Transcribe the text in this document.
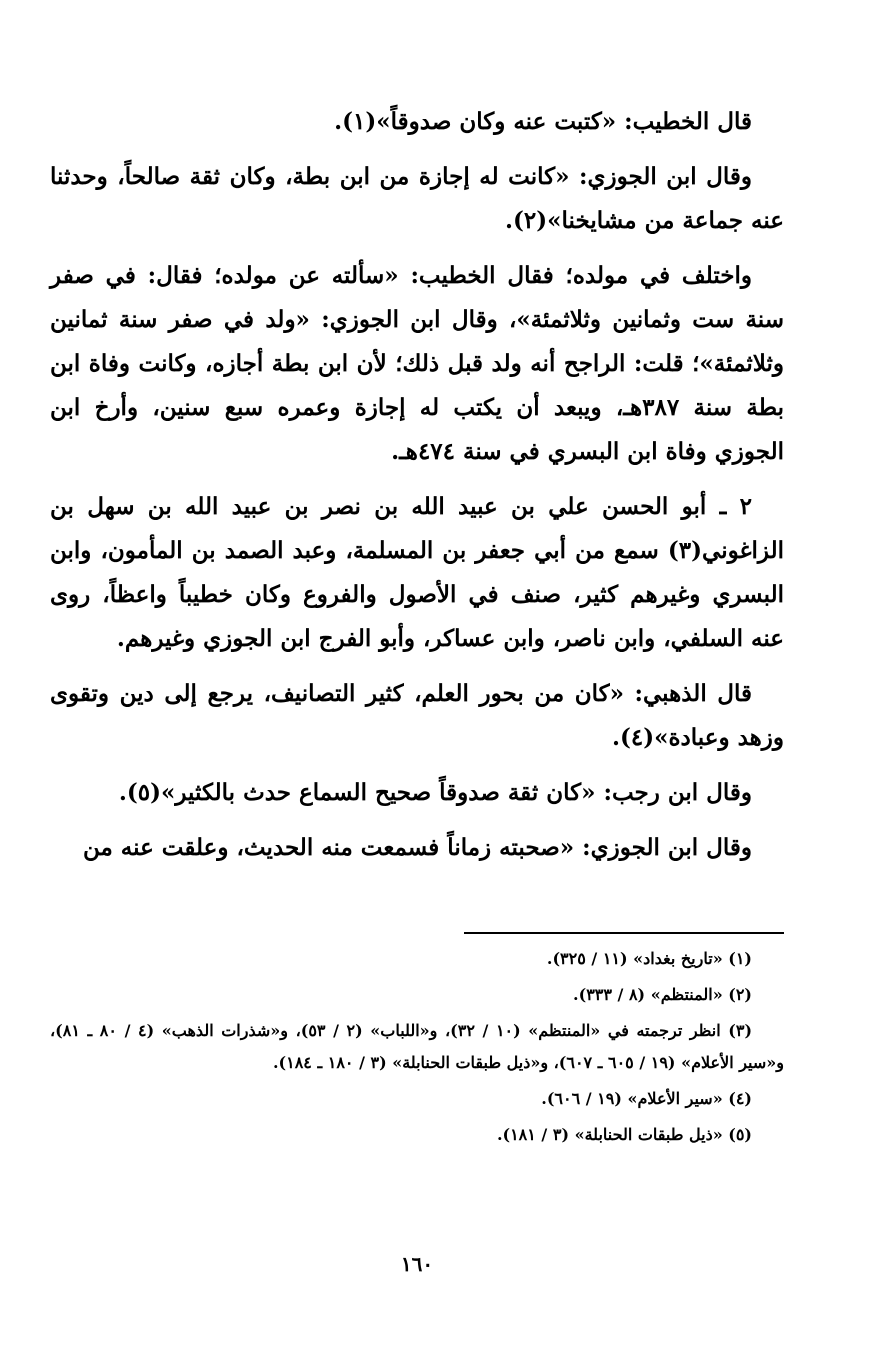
قال الخطيب: «كتبت عنه وكان صدوقاً»(١).

وقال ابن الجوزي: «كانت له إجازة من ابن بطة، وكان ثقة صالحاً، وحدثنا عنه جماعة من مشايخنا»(٢).

واختلف في مولده؛ فقال الخطيب: «سألته عن مولده؛ فقال: في صفر سنة ست وثمانين وثلاثمئة»، وقال ابن الجوزي: «ولد في صفر سنة ثمانين وثلاثمئة»؛ قلت: الراجح أنه ولد قبل ذلك؛ لأن ابن بطة أجازه، وكانت وفاة ابن بطة سنة ٣٨٧هـ، ويبعد أن يكتب له إجازة وعمره سبع سنين، وأرخ ابن الجوزي وفاة ابن البسري في سنة ٤٧٤هـ.

٢ ـ أبو الحسن علي بن عبيد الله بن نصر بن عبيد الله بن سهل بن الزاغوني(٣) سمع من أبي جعفر بن المسلمة، وعبد الصمد بن المأمون، وابن البسري وغيرهم كثير، صنف في الأصول والفروع وكان خطيباً واعظاً، روى عنه السلفي، وابن ناصر، وابن عساكر، وأبو الفرج ابن الجوزي وغيرهم.

قال الذهبي: «كان من بحور العلم، كثير التصانيف، يرجع إلى دين وتقوى وزهد وعبادة»(٤).

وقال ابن رجب: «كان ثقة صدوقاً صحيح السماع حدث بالكثير»(٥).

وقال ابن الجوزي: «صحبته زماناً فسمعت منه الحديث، وعلقت عنه من

(١) «تاريخ بغداد» (١١ / ٣٢٥).

(٢) «المنتظم» (٨ / ٣٣٣).

(٣) انظر ترجمته في «المنتظم» (١٠ / ٣٢)، و«اللباب» (٢ / ٥٣)، و«شذرات الذهب» (٤ / ٨٠ ـ ٨١)، و«سير الأعلام» (١٩ / ٦٠٥ ـ ٦٠٧)، و«ذيل طبقات الحنابلة» (٣ / ١٨٠ ـ ١٨٤).

(٤) «سير الأعلام» (١٩ / ٦٠٦).

(٥) «ذيل طبقات الحنابلة» (٣ / ١٨١).

١٦٠
